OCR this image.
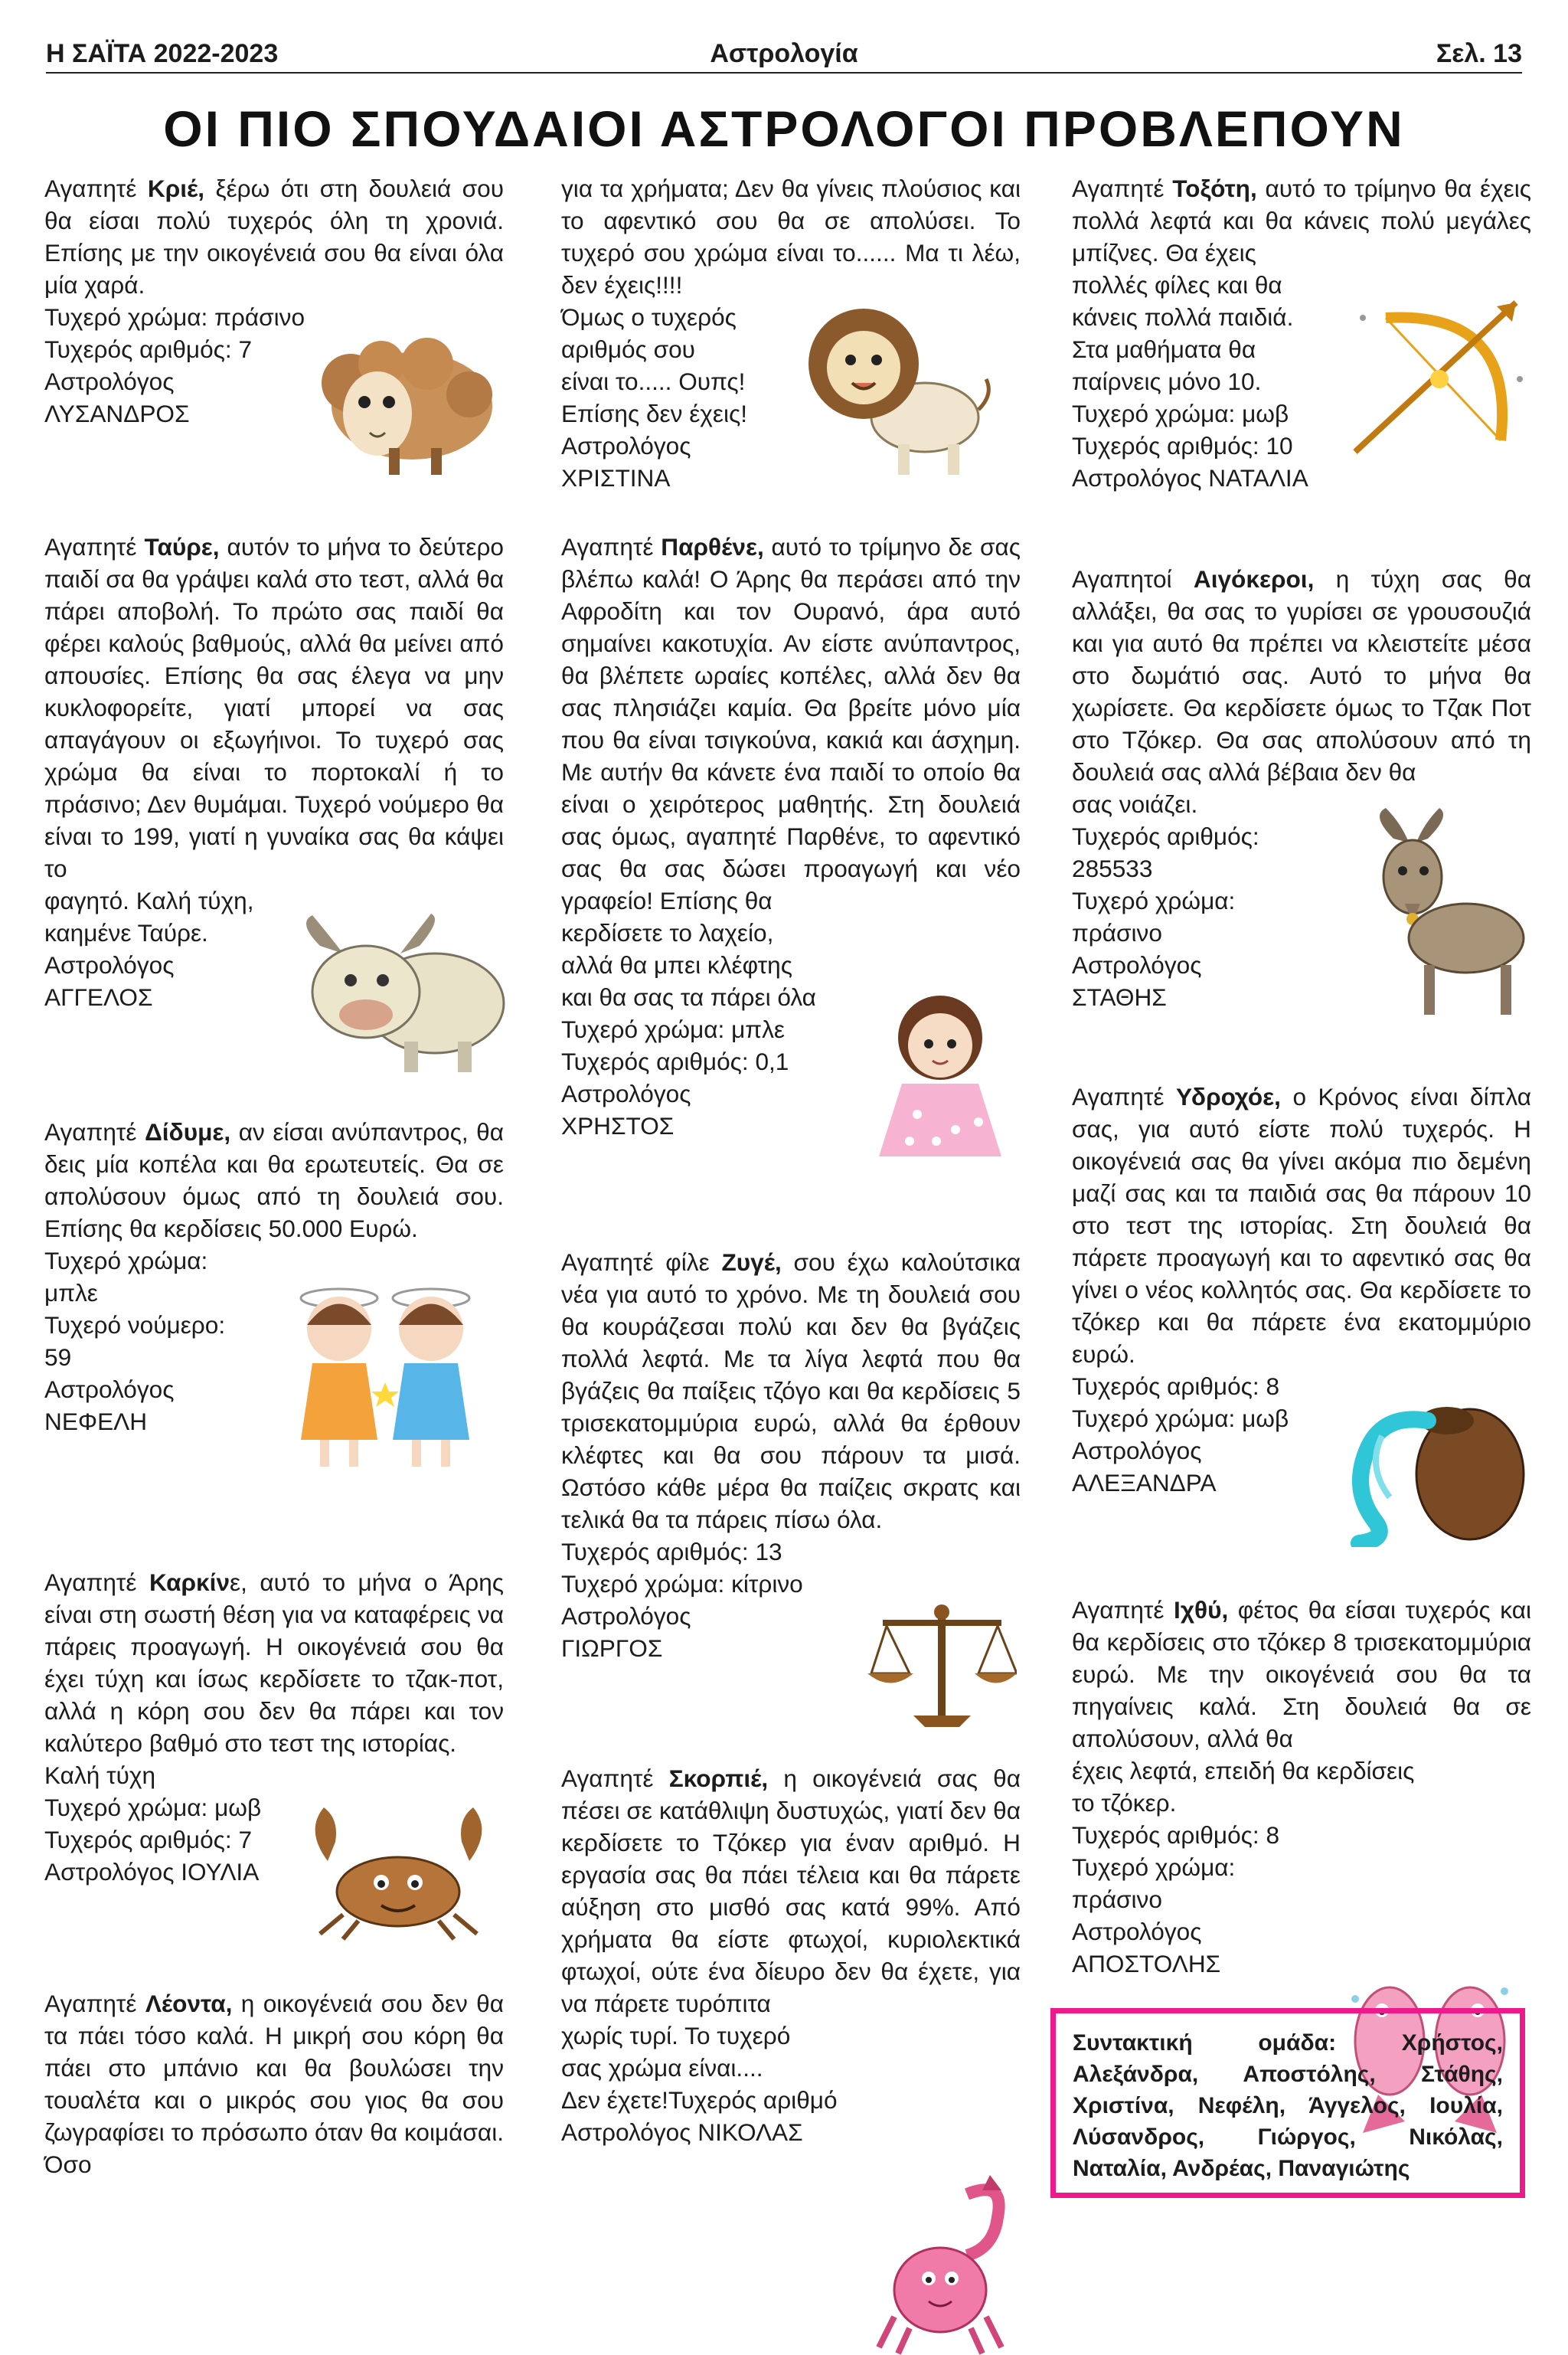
Η ΣΑΪΤΑ 2022-2023	Αστρολογία	Σελ. 13
ΟΙ ΠΙΟ ΣΠΟΥΔΑΙΟΙ ΑΣΤΡΟΛΟΓΟΙ ΠΡΟΒΛΕΠΟΥΝ

Αγαπητέ Κριέ, ξέρω ότι στη δουλειά σου θα είσαι πολύ τυχερός όλη τη χρονιά. Επίσης με την οικογένειά σου θα είναι όλα μία χαρά.

Τυχερό χρώμα: πράσινο
Τυχερός αριθμός: 7
Αστρολόγος
ΛΥΣΑΝΔΡΟΣ

Αγαπητέ Ταύρε, αυτόν το μήνα το δεύτερο παιδί σα θα γράψει καλά στο τεστ, αλλά θα πάρει αποβολή. Το πρώτο σας παιδί θα φέρει καλούς βαθμούς, αλλά θα μείνει από απουσίες. Επίσης θα σας έλεγα να μην κυκλοφορείτε, γιατί μπορεί να σας απαγάγουν οι εξωγήινοι. Το τυχερό σας χρώμα θα είναι το πορτοκαλί ή το πράσινο; Δεν θυμάμαι. Τυχερό νούμερο θα είναι το 199, γιατί η γυναίκα σας θα κάψει το

φαγητό. Καλή τύχη,
καημένε Ταύρε.
Αστρολόγος
ΑΓΓΕΛΟΣ

Αγαπητέ Δίδυμε, αν είσαι ανύπαντρος, θα δεις μία κοπέλα και θα ερωτευτείς. Θα σε απολύσουν όμως από τη δουλειά σου. Επίσης θα κερδίσεις 50.000 Ευρώ.

Τυχερό χρώμα:
μπλε
Τυχερό νούμερο:
59
Αστρολόγος
ΝΕΦΕΛΗ

Αγαπητέ Καρκίνε, αυτό το μήνα ο Άρης είναι στη σωστή θέση για να καταφέρεις να πάρεις προαγωγή. Η οικογένειά σου θα έχει τύχη και ίσως κερδίσετε το τζακ-ποτ, αλλά η κόρη σου δεν θα πάρει και τον καλύτερο βαθμό στο τεστ της ιστορίας.

Καλή τύχη
Τυχερό χρώμα: μωβ
Τυχερός αριθμός: 7
Αστρολόγος ΙΟΥΛΙΑ

Αγαπητέ Λέοντα, η οικογένειά σου δεν θα τα πάει τόσο καλά. Η μικρή σου κόρη θα πάει στο μπάνιο και θα βουλώσει την τουαλέτα και ο μικρός σου γιος θα σου ζωγραφίσει το πρόσωπο όταν θα κοιμάσαι. Όσο

για τα χρήματα; Δεν θα γίνεις πλούσιος και το αφεντικό σου θα σε απολύσει. Το τυχερό σου χρώμα είναι το...... Μα τι λέω, δεν έχεις!!!!

Όμως ο τυχερός
αριθμός σου
είναι το..... Ουπς!
Επίσης δεν έχεις!
Αστρολόγος
ΧΡΙΣΤΙΝΑ

Αγαπητέ Παρθένε, αυτό το τρίμηνο δε σας βλέπω καλά! Ο Άρης θα περάσει από την Αφροδίτη και τον Ουρανό, άρα αυτό σημαίνει κακοτυχία. Αν είστε ανύπαντρος, θα βλέπετε ωραίες κοπέλες, αλλά δεν θα σας πλησιάζει καμία. Θα βρείτε μόνο μία που θα είναι τσιγκούνα, κακιά και άσχημη. Με αυτήν θα κάνετε ένα παιδί το οποίο θα είναι ο χειρότερος μαθητής. Στη δουλειά σας όμως, αγαπητέ Παρθένε, το αφεντικό σας θα σας δώσει προαγωγή και νέο γραφείο! Επίσης θα

κερδίσετε το λαχείο,
αλλά θα μπει κλέφτης
και θα σας τα πάρει όλα
Τυχερό χρώμα: μπλε
Τυχερός αριθμός: 0,1
Αστρολόγος
ΧΡΗΣΤΟΣ

Αγαπητέ φίλε Ζυγέ, σου έχω καλούτσικα νέα για αυτό το χρόνο. Με τη δουλειά σου θα κουράζεσαι πολύ και δεν θα βγάζεις πολλά λεφτά. Με τα λίγα λεφτά που θα βγάζεις θα παίξεις τζόγο και θα κερδίσεις 5 τρισεκατομμύρια ευρώ, αλλά θα έρθουν κλέφτες και θα σου πάρουν τα μισά. Ωστόσο κάθε μέρα θα παίζεις σκρατς και τελικά θα τα πάρεις πίσω όλα.

Τυχερός αριθμός: 13
Τυχερό χρώμα: κίτρινο
Αστρολόγος
ΓΙΩΡΓΟΣ

Αγαπητέ Σκορπιέ, η οικογένειά σας θα πέσει σε κατάθλιψη δυστυχώς, γιατί δεν θα κερδίσετε το Τζόκερ για έναν αριθμό. Η εργασία σας θα πάει τέλεια και θα πάρετε αύξηση στο μισθό σας κατά 99%. Από χρήματα θα είστε φτωχοί, κυριολεκτικά φτωχοί, ούτε ένα δίευρο δεν θα έχετε, για να πάρετε τυρόπιτα

χωρίς τυρί. Το τυχερό
σας χρώμα είναι....
Δεν έχετε!Τυχερός αριθμό
Αστρολόγος ΝΙΚΟΛΑΣ

Αγαπητέ Τοξότη, αυτό το τρίμηνο θα έχεις πολλά λεφτά και θα κάνεις πολύ μεγάλες μπίζνες. Θα έχεις

πολλές φίλες και θα
κάνεις πολλά παιδιά.
Στα μαθήματα θα
παίρνεις μόνο 10.
Τυχερό χρώμα: μωβ
Τυχερός αριθμός: 10
Αστρολόγος ΝΑΤΑΛΙΑ

Αγαπητοί Αιγόκεροι, η τύχη σας θα αλλάξει, θα σας το γυρίσει σε γρουσουζιά και για αυτό θα πρέπει να κλειστείτε μέσα στο δωμάτιό σας. Αυτό το μήνα θα χωρίσετε. Θα κερδίσετε όμως το Τζακ Ποτ στο Τζόκερ. Θα σας απολύσουν από τη δουλειά σας αλλά βέβαια δεν θα

σας νοιάζει.
Τυχερός αριθμός:
285533
Τυχερό χρώμα:
πράσινο
Αστρολόγος
ΣΤΑΘΗΣ

Αγαπητέ Υδροχόε, ο Κρόνος είναι δίπλα σας, για αυτό είστε πολύ τυχερός. Η οικογένειά σας θα γίνει ακόμα πιο δεμένη μαζί σας και τα παιδιά σας θα πάρουν 10 στο τεστ της ιστορίας. Στη δουλειά θα πάρετε προαγωγή και το αφεντικό σας θα γίνει ο νέος κολλητός σας. Θα κερδίσετε το τζόκερ και θα πάρετε ένα εκατομμύριο ευρώ.

Τυχερός αριθμός: 8
Τυχερό χρώμα: μωβ
Αστρολόγος
ΑΛΕΞΑΝΔΡΑ

Αγαπητέ Ιχθύ, φέτος θα είσαι τυχερός και θα κερδίσεις στο τζόκερ 8 τρισεκατομμύρια ευρώ. Με την οικογένειά σου θα τα πηγαίνεις καλά. Στη δουλειά θα σε απολύσουν, αλλά θα

έχεις λεφτά, επειδή θα κερδίσεις
το τζόκερ.
Τυχερός αριθμός: 8
Τυχερό χρώμα:
πράσινο
Αστρολόγος
ΑΠΟΣΤΟΛΗΣ
Συντακτική ομάδα: Χρήστος, Αλεξάνδρα, Αποστόλης, Στάθης, Χριστίνα, Νεφέλη, Άγγελος, Ιουλία, Λύσανδρος, Γιώργος, Νικόλας, Ναταλία, Ανδρέας, Παναγιώτης
